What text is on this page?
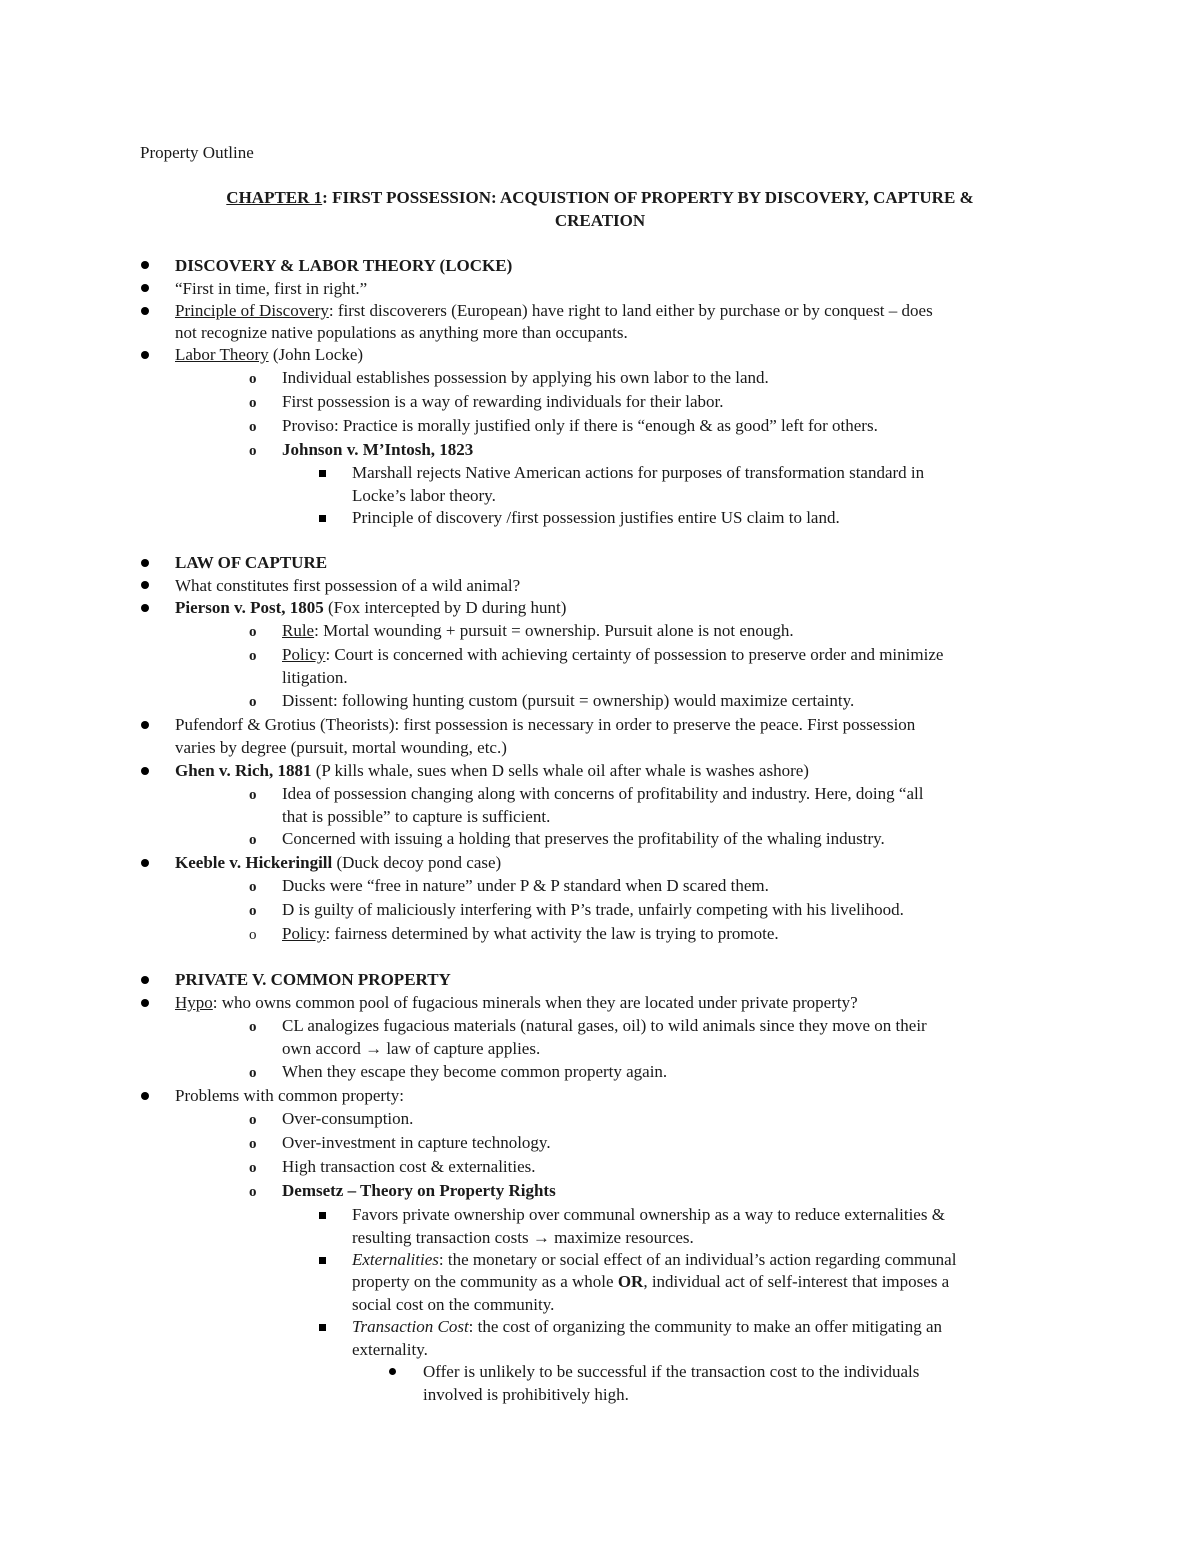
Property Outline
CHAPTER 1: FIRST POSSESSION: ACQUISTION OF PROPERTY BY DISCOVERY, CAPTURE &
CREATION
DISCOVERY & LABOR THEORY (LOCKE)
“First in time, first in right.”
Principle of Discovery: first discoverers (European) have right to land either by purchase or by conquest – does
not recognize native populations as anything more than occupants.
Labor Theory (John Locke)
o Individual establishes possession by applying his own labor to the land.
o First possession is a way of rewarding individuals for their labor.
o Proviso: Practice is morally justified only if there is “enough & as good” left for others.
o Johnson v. M’Intosh, 1823
Marshall rejects Native American actions for purposes of transformation standard in
Locke’s labor theory.
Principle of discovery /first possession justifies entire US claim to land.
LAW OF CAPTURE
What constitutes first possession of a wild animal?
Pierson v. Post, 1805 (Fox intercepted by D during hunt)
o Rule: Mortal wounding + pursuit = ownership. Pursuit alone is not enough.
o Policy: Court is concerned with achieving certainty of possession to preserve order and minimize
litigation.
o Dissent: following hunting custom (pursuit = ownership) would maximize certainty.
Pufendorf & Grotius (Theorists): first possession is necessary in order to preserve the peace. First possession
varies by degree (pursuit, mortal wounding, etc.)
Ghen v. Rich, 1881 (P kills whale, sues when D sells whale oil after whale is washes ashore)
o Idea of possession changing along with concerns of profitability and industry. Here, doing “all
that is possible” to capture is sufficient.
o Concerned with issuing a holding that preserves the profitability of the whaling industry.
Keeble v. Hickeringill (Duck decoy pond case)
o Ducks were “free in nature” under P & P standard when D scared them.
o D is guilty of maliciously interfering with P’s trade, unfairly competing with his livelihood.
o Policy: fairness determined by what activity the law is trying to promote.
PRIVATE V. COMMON PROPERTY
Hypo: who owns common pool of fugacious minerals when they are located under private property?
o CL analogizes fugacious materials (natural gases, oil) to wild animals since they move on their
own accord → law of capture applies.
o When they escape they become common property again.
Problems with common property:
o Over-consumption.
o Over-investment in capture technology.
o High transaction cost & externalities.
o Demsetz – Theory on Property Rights
Favors private ownership over communal ownership as a way to reduce externalities &
resulting transaction costs → maximize resources.
Externalities: the monetary or social effect of an individual’s action regarding communal
property on the community as a whole OR, individual act of self-interest that imposes a
social cost on the community.
Transaction Cost: the cost of organizing the community to make an offer mitigating an
externality.
Offer is unlikely to be successful if the transaction cost to the individuals
involved is prohibitively high.
